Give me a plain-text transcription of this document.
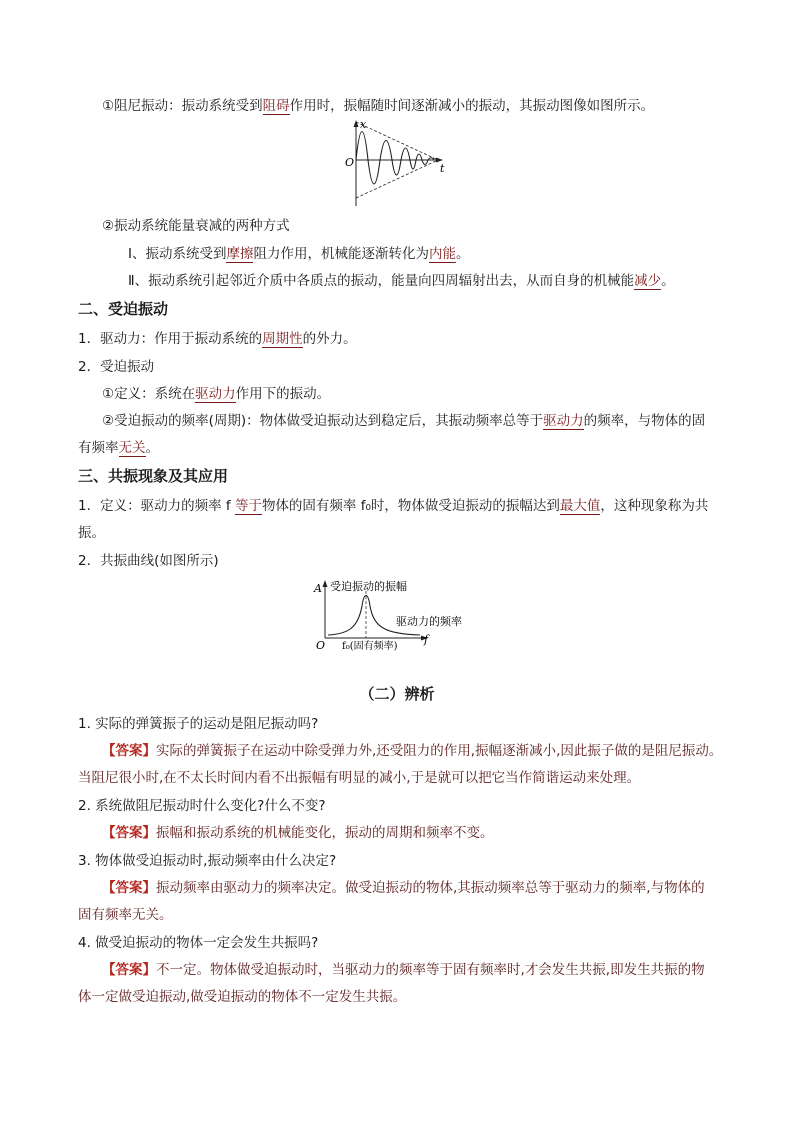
①阻尼振动：振动系统受到阻碍作用时，振幅随时间逐渐减小的振动，其振动图像如图所示。
x
t
O
②振动系统能量衰减的两种方式
Ⅰ、振动系统受到摩擦阻力作用，机械能逐渐转化为内能。
Ⅱ、振动系统引起邻近介质中各质点的振动，能量向四周辐射出去，从而自身的机械能减少。
二、受迫振动
1．驱动力：作用于振动系统的周期性的外力。
2．受迫振动
①定义：系统在驱动力作用下的振动。
②受迫振动的频率(周期)：物体做受迫振动达到稳定后，其振动频率总等于驱动力的频率，与物体的固
有频率无关。
三、共振现象及其应用
1．定义：驱动力的频率 f 等于物体的固有频率 f₀时，物体做受迫振动的振幅达到最大值，这种现象称为共
振。
2．共振曲线(如图所示)
A 受迫振动的振幅
驱动力的频率
f
O f₀(固有频率)
（二）辨析
1. 实际的弹簧振子的运动是阻尼振动吗?
【答案】实际的弹簧振子在运动中除受弹力外,还受阻力的作用,振幅逐渐减小,因此振子做的是阻尼振动。
当阻尼很小时,在不太长时间内看不出振幅有明显的减小,于是就可以把它当作简谐运动来处理。
2. 系统做阻尼振动时什么变化?什么不变?
【答案】振幅和振动系统的机械能变化，振动的周期和频率不变。
3. 物体做受迫振动时,振动频率由什么决定?
【答案】振动频率由驱动力的频率决定。做受迫振动的物体,其振动频率总等于驱动力的频率,与物体的
固有频率无关。
4. 做受迫振动的物体一定会发生共振吗?
【答案】不一定。物体做受迫振动时，当驱动力的频率等于固有频率时,才会发生共振,即发生共振的物
体一定做受迫振动,做受迫振动的物体不一定发生共振。
